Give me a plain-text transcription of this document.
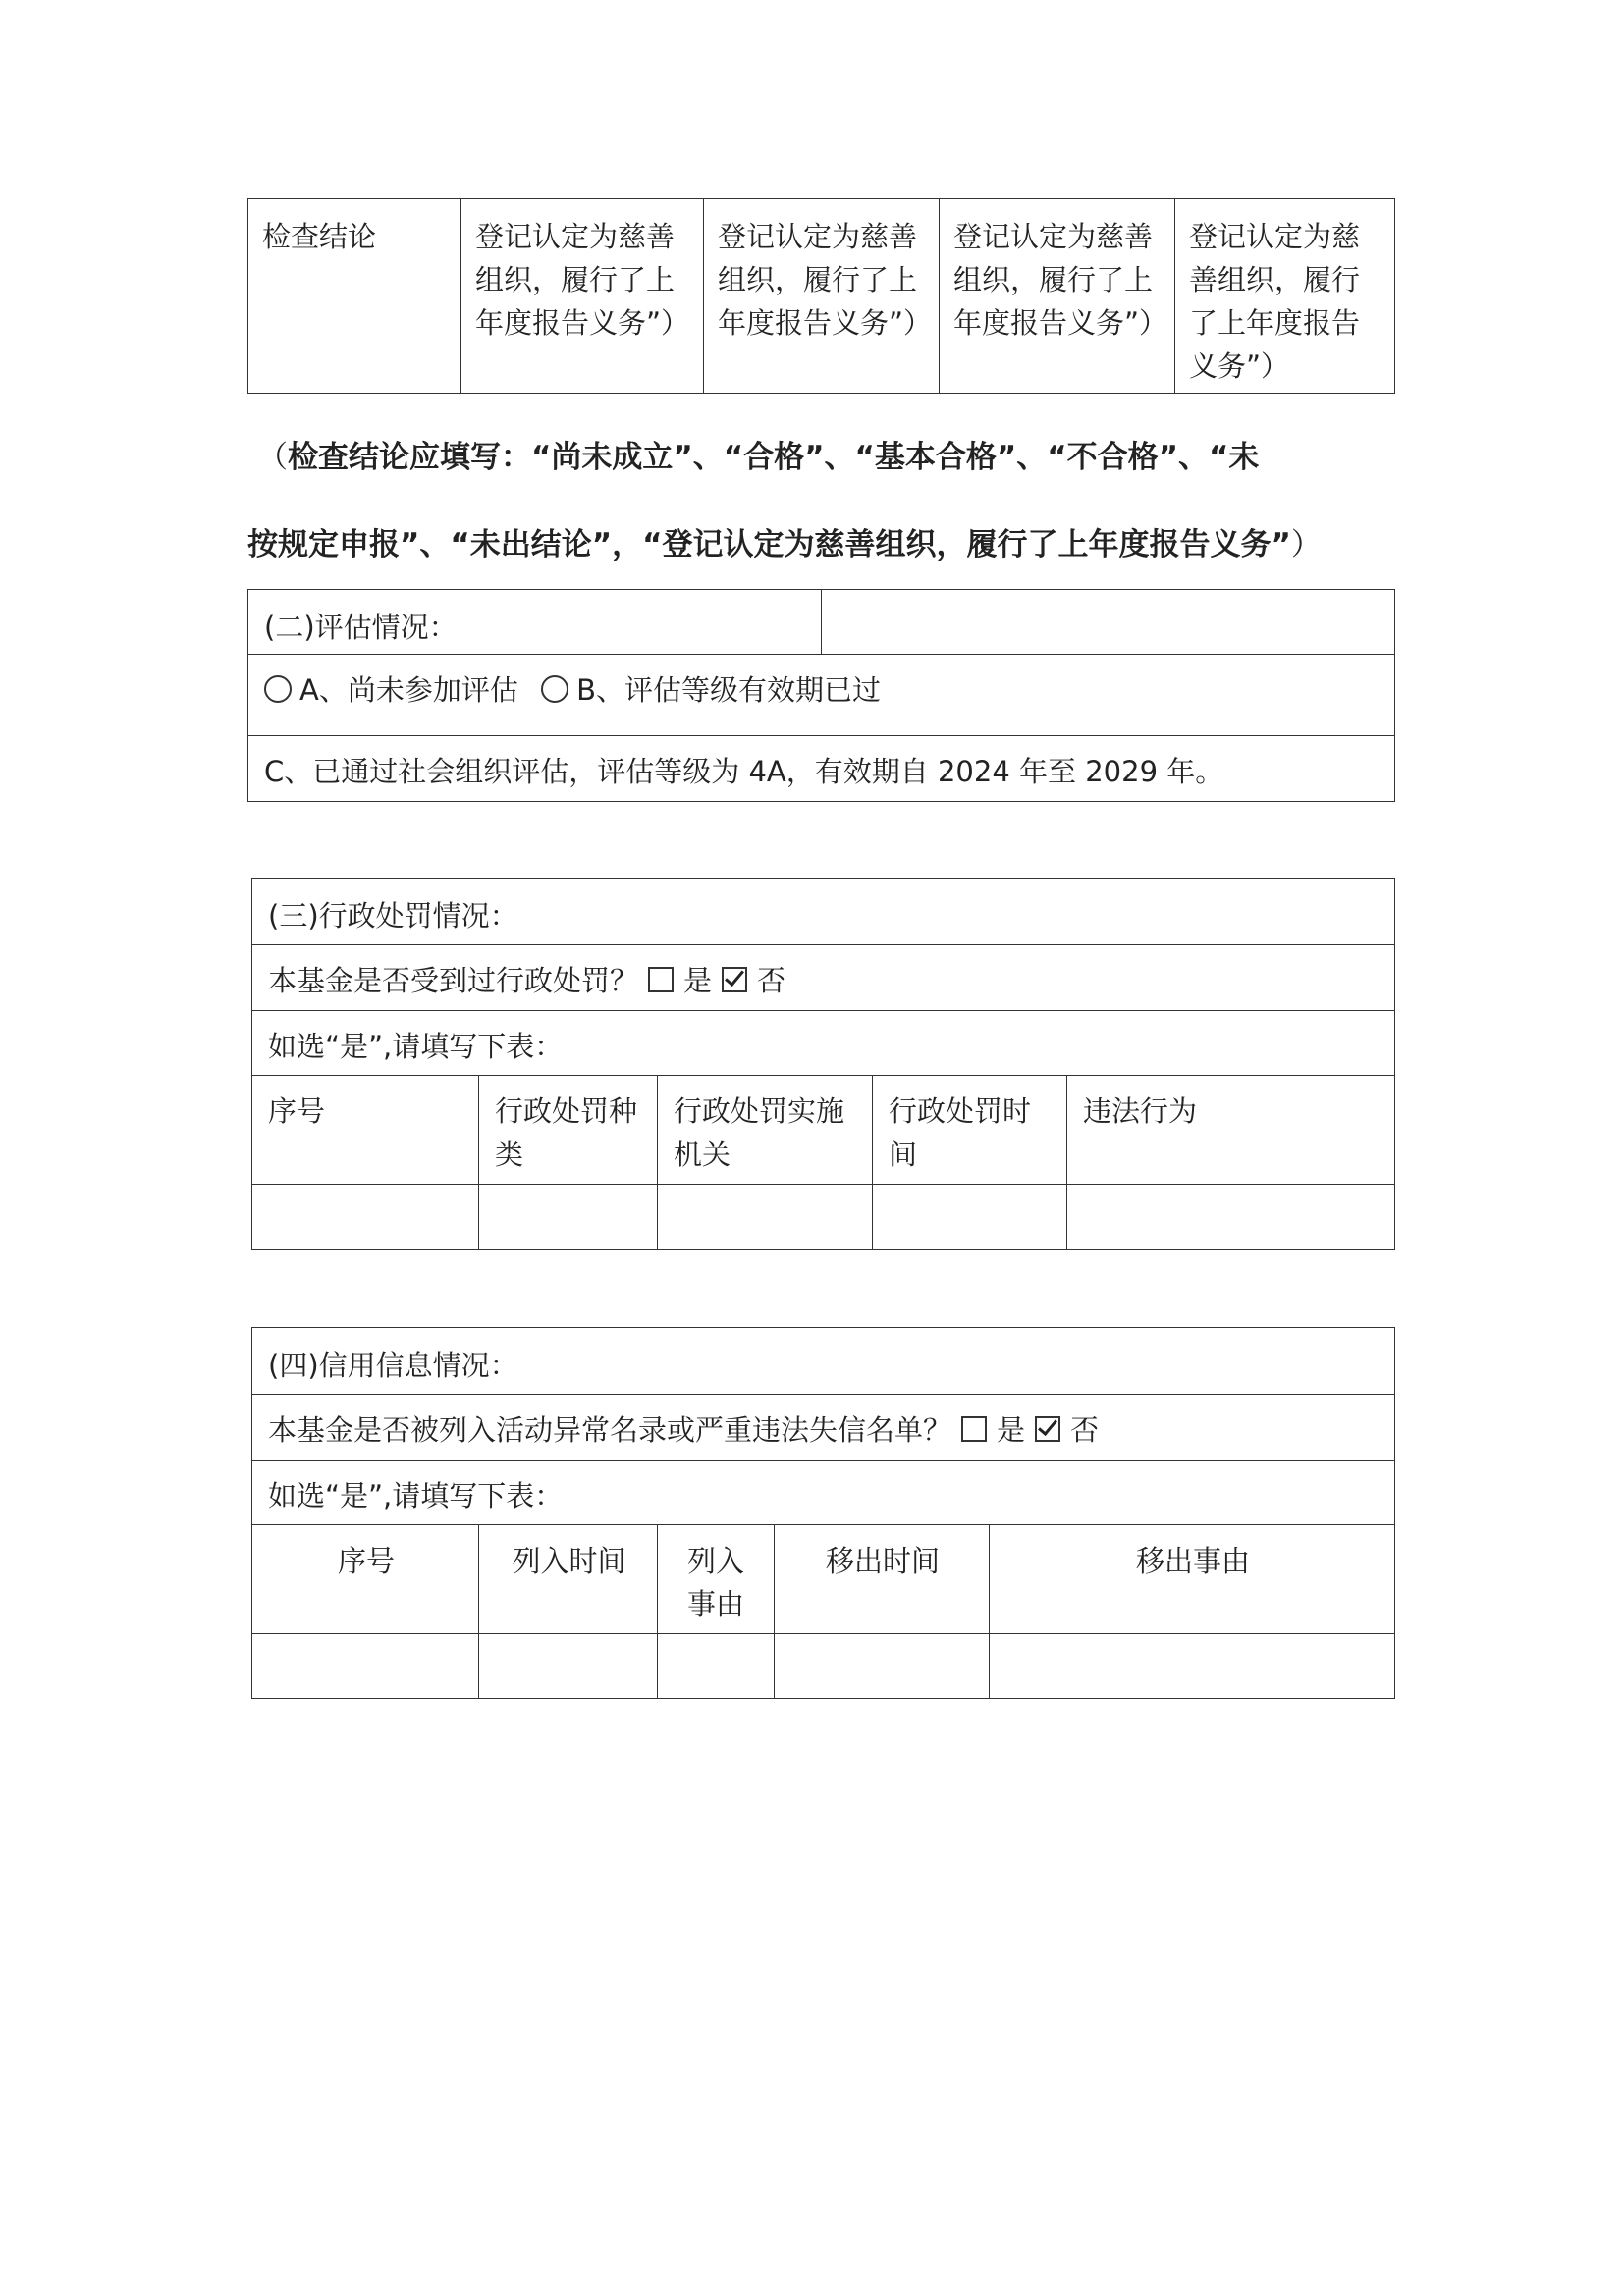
检查结论	登记认定为慈善组织，履行了上年度报告义务”）	登记认定为慈善组织，履行了上年度报告义务”）	登记认定为慈善组织，履行了上年度报告义务”）	登记认定为慈善组织，履行了上年度报告义务”）
（检查结论应填写：“尚未成立”、“合格”、“基本合格”、“不合格”、“未
按规定申报”、“未出结论”，“登记认定为慈善组织，履行了上年度报告义务”）
(二)评估情况：	
A、尚未参加评估 B、评估等级有效期已过
C、已通过社会组织评估，评估等级为 4A，有效期自 2024 年至 2029 年。
(三)行政处罚情况：				
本基金是否受到过行政处罚？ 是 否				
如选“是”,请填写下表：				
序号	行政处罚种类	行政处罚实施机关	行政处罚时间	违法行为

(四)信用信息情况：				
本基金是否被列入活动异常名录或严重违法失信名单？ 是 否				
如选“是”,请填写下表：				
序号	列入时间	列入事由	移出时间	移出事由
